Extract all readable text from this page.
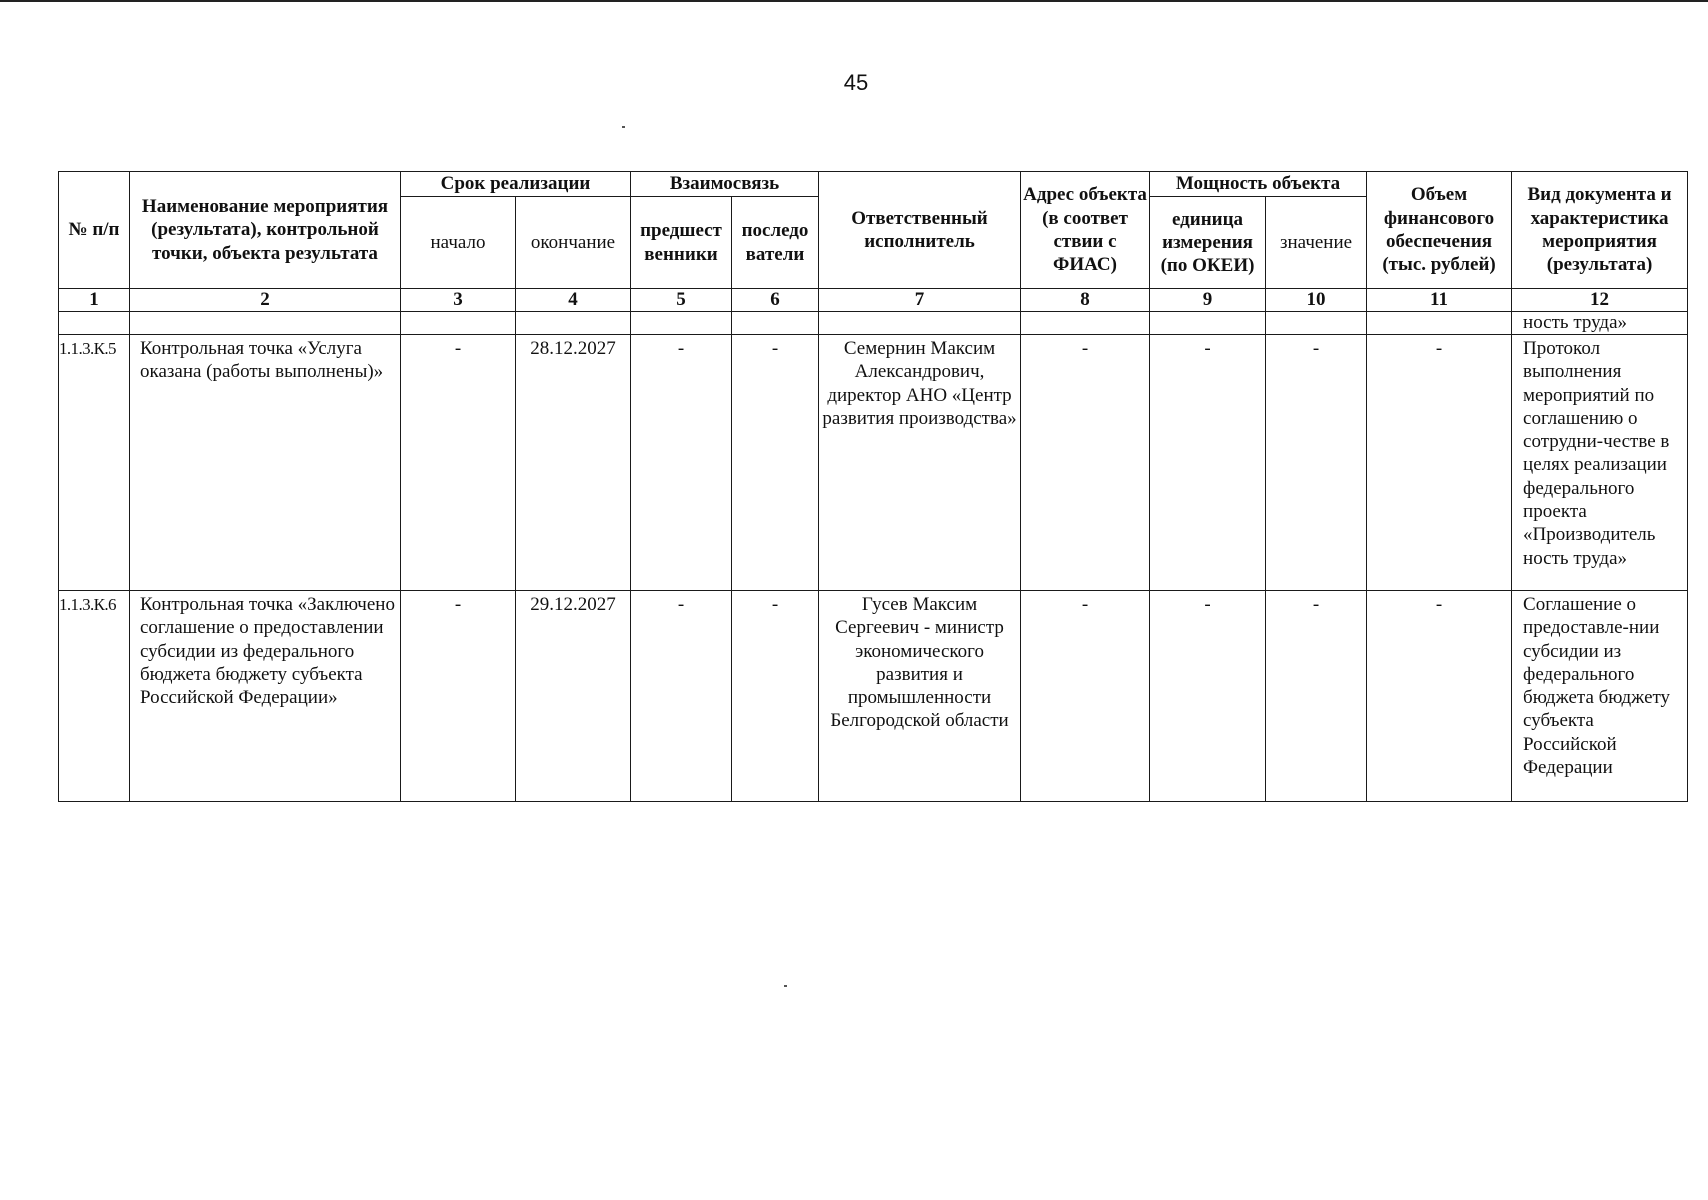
45
№ п/п	Наименование мероприятия (результата), контрольной точки, объекта результата	Срок реализации		Взаимосвязь		Ответственный исполнитель	Адрес объекта (в соответ ствии с ФИАС)	Мощность объекта		Объем финансового обеспечения (тыс. рублей)	Вид документа и характеристика мероприятия (результата)
		начало	окончание	предшест венники	последо ватели			единица измерения (по ОКЕИ)	значение		
1	2	3	4	5	6	7	8	9	10	11	12
											ность труда»
1.1.3.К.5	Контрольная точка «Услуга оказана (работы выполнены)»	-	28.12.2027	-	-	Семернин Максим Александрович, директор АНО «Центр развития производства»	-	-	-	-	Протокол выполнения мероприятий по соглашению о сотрудни-честве в целях реализации федерального проекта «Производитель ность труда»
1.1.3.К.6	Контрольная точка «Заключено соглашение о предоставлении субсидии из федерального бюджета бюджету субъекта Российской Федерации»	-	29.12.2027	-	-	Гусев Максим Сергеевич - министр экономического развития и промышленности Белгородской области	-	-	-	-	Соглашение о предоставле-нии субсидии из федерального бюджета бюджету субъекта Российской Федерации
